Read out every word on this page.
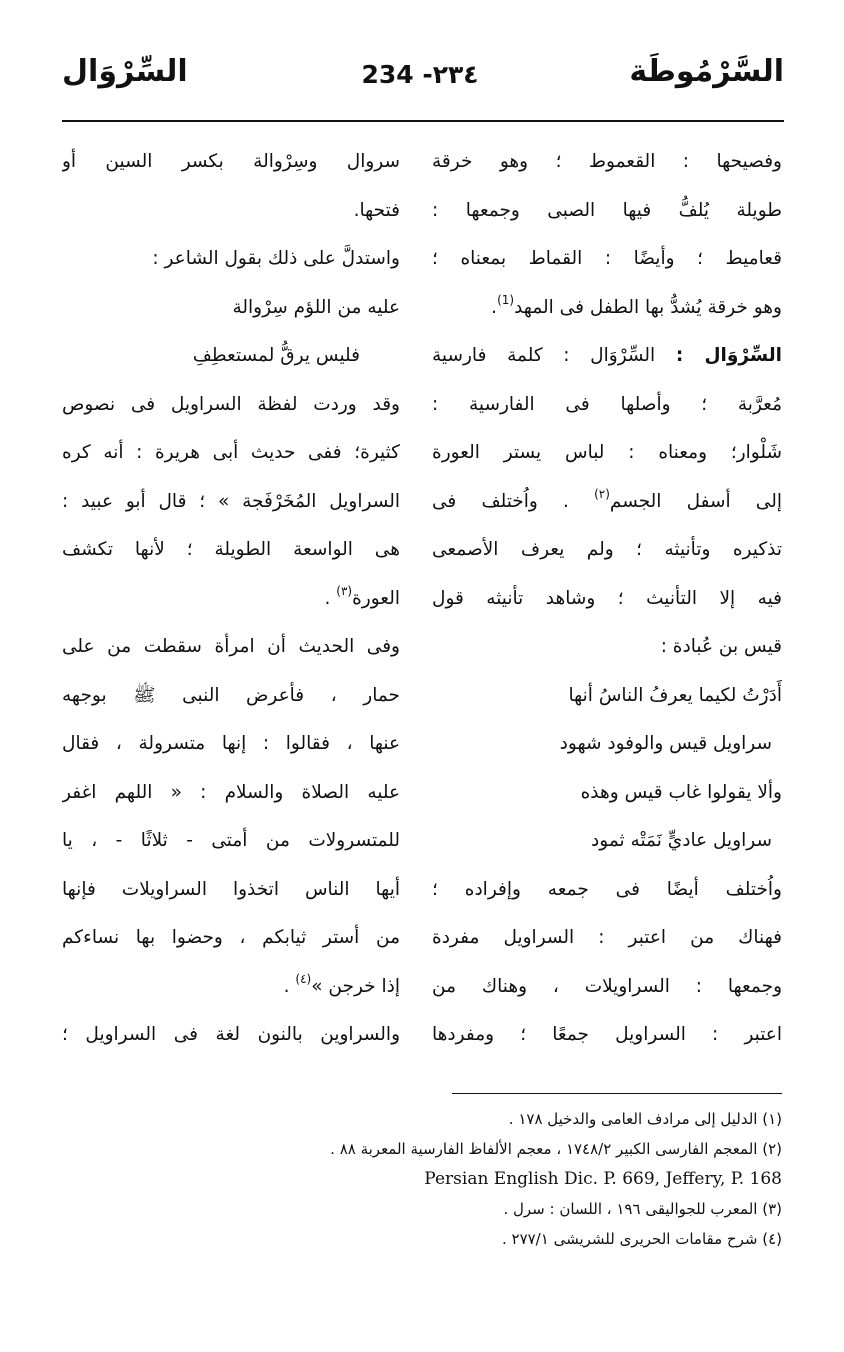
السَّرْمُوطَة
234 -٢٣٤
السِّرْوَال
وفصيحها : القعموط ؛ وهو خرقة
طويلة يُلفُّ فيها الصبى وجمعها :
قعاميط ؛ وأيضًا : القماط بمعناه ؛
وهو خرقة يُشدُّ بها الطفل فى المهد$^{(1)}$.
السِّرْوَال : السِّرْوَال : كلمة فارسية
مُعرَّبة ؛ وأصلها فى الفارسية :
شَلْوار؛ ومعناه : لباس يستر العورة
إلى أسفل الجسم$^{(٢)}$ . واُختلف فى
تذكيره وتأنيثه ؛ ولم يعرف الأصمعى
فيه إلا التأنيث ؛ وشاهد تأنيثه قول
قيس بن عُبادة :
أَدَرْتُ لكيما يعرفُ الناسُ أنها
سراويل قيس والوفود شهود
وألا يقولوا غاب قيس وهذه
سراويل عاديٍّ نَمَتْه ثمود
واُختلف أيضًا فى جمعه وإفراده ؛
فهناك من اعتبر : السراويل مفردة
وجمعها : السراويلات ، وهناك من
اعتبر : السراويل جمعًا ؛ ومفردها
سروال وسِرْوالة بكسر السين أو
فتحها.
واستدلَّ على ذلك بقول الشاعر :
عليه من اللؤم سِرْوالة
فليس يرقُّ لمستعطِفِ
وقد وردت لفظة السراويل فى نصوص
كثيرة؛ ففى حديث أبى هريرة : أنه كره
السراويل المُخَرْفَجة » ؛ قال أبو عبيد :
هى الواسعة الطويلة ؛ لأنها تكشف
العورة$^{(٣)}$ .
وفى الحديث أن امرأة سقطت من على
حمار ، فأعرض النبى ﷺ بوجهه
عنها ، فقالوا : إنها متسرولة ، فقال
عليه الصلاة والسلام : « اللهم اغفر
للمتسرولات من أمتى - ثلاثًا - ، يا
أيها الناس اتخذوا السراويلات فإنها
من أستر ثيابكم ، وحضوا بها نساءكم
إذا خرجن »$^{(٤)}$ .
والسراوين بالنون لغة فى السراويل ؛
(١) الدليل إلى مرادف العامى والدخيل ١٧٨ .
(٢) المعجم الفارسى الكبير ١٧٤٨/٢ ، معجم الألفاظ الفارسية المعربة ٨٨ .
Persian English Dic. P. 669, Jeffery, P. 168
(٣) المعرب للجواليقى ١٩٦ ، اللسان : سرل .
(٤) شرح مقامات الحريرى للشريشى ٢٧٧/١ .
